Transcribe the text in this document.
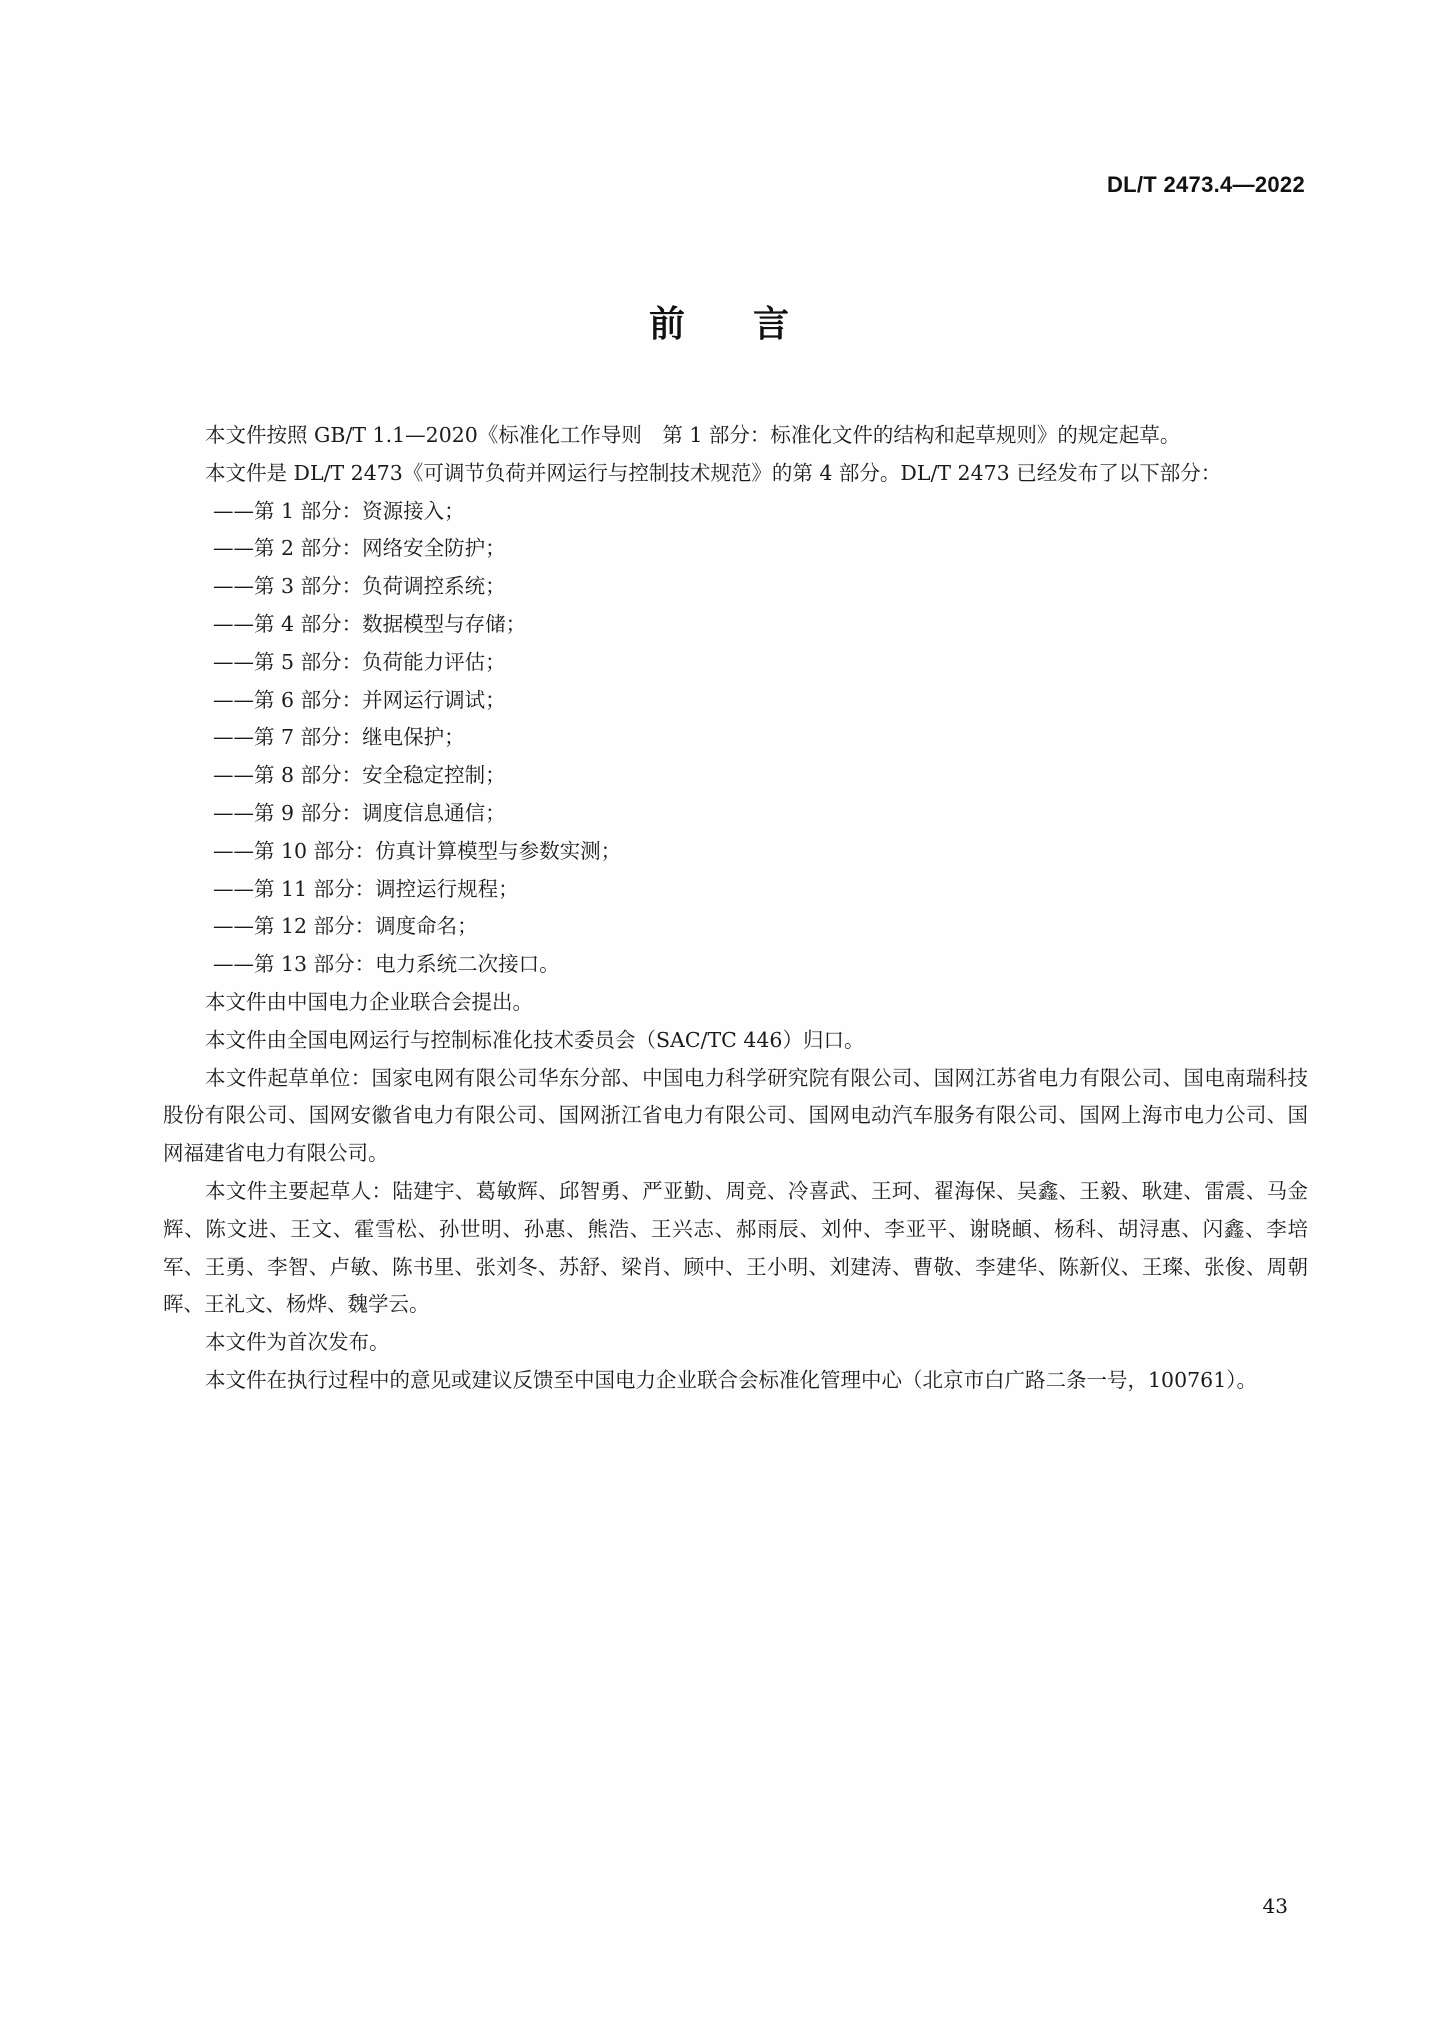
DL/T 2473.4—2022
前 言

本文件按照 GB/T 1.1—2020《标准化工作导则　第 1 部分：标准化文件的结构和起草规则》的规定起草。

本文件是 DL/T 2473《可调节负荷并网运行与控制技术规范》的第 4 部分。DL/T 2473 已经发布了以下部分：

——第 1 部分：资源接入；
——第 2 部分：网络安全防护；
——第 3 部分：负荷调控系统；
——第 4 部分：数据模型与存储；
——第 5 部分：负荷能力评估；
——第 6 部分：并网运行调试；
——第 7 部分：继电保护；
——第 8 部分：安全稳定控制；
——第 9 部分：调度信息通信；
——第 10 部分：仿真计算模型与参数实测；
——第 11 部分：调控运行规程；
——第 12 部分：调度命名；
——第 13 部分：电力系统二次接口。

本文件由中国电力企业联合会提出。

本文件由全国电网运行与控制标准化技术委员会（SAC/TC 446）归口。

本文件起草单位：国家电网有限公司华东分部、中国电力科学研究院有限公司、国网江苏省电力有限公司、国电南瑞科技股份有限公司、国网安徽省电力有限公司、国网浙江省电力有限公司、国网电动汽车服务有限公司、国网上海市电力公司、国网福建省电力有限公司。

本文件主要起草人：陆建宇、葛敏辉、邱智勇、严亚勤、周竞、冷喜武、王珂、翟海保、吴鑫、王毅、耿建、雷震、马金辉、陈文进、王文、霍雪松、孙世明、孙惠、熊浩、王兴志、郝雨辰、刘仲、李亚平、谢晓頔、杨科、胡浔惠、闪鑫、李培军、王勇、李智、卢敏、陈书里、张刘冬、苏舒、梁肖、顾中、王小明、刘建涛、曹敬、李建华、陈新仪、王璨、张俊、周朝晖、王礼文、杨烨、魏学云。

本文件为首次发布。

本文件在执行过程中的意见或建议反馈至中国电力企业联合会标准化管理中心（北京市白广路二条一号，100761）。

43
